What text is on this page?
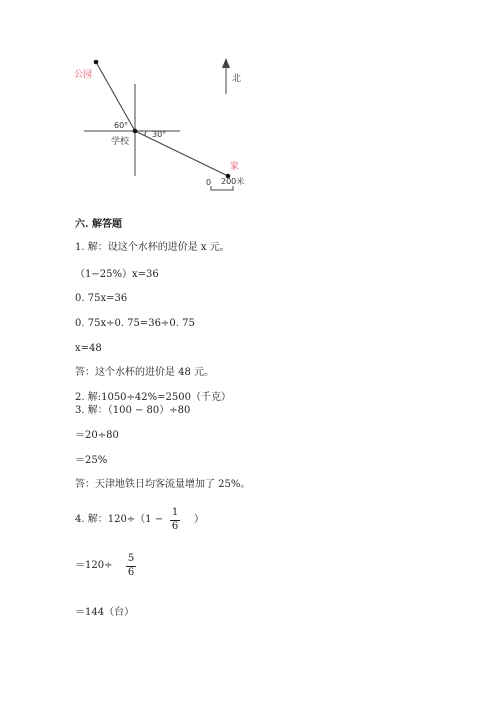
北
公园
60°
30°
学校
家
0 200米
六. 解答题
1. 解：设这个水杯的进价是 x 元。
（1−25%）x=36
0. 75x=36
0. 75x÷0. 75=36÷0. 75
x=48
答：这个水杯的进价是 48 元。
2. 解:1050÷42%=2500（千克）
3. 解：（100 − 80）÷80
＝20÷80
＝25%
答：天津地铁日均客流量增加了 25%。
4. 解：120÷（1 −
1
6
）
＝120÷
5
6
＝144（台）
